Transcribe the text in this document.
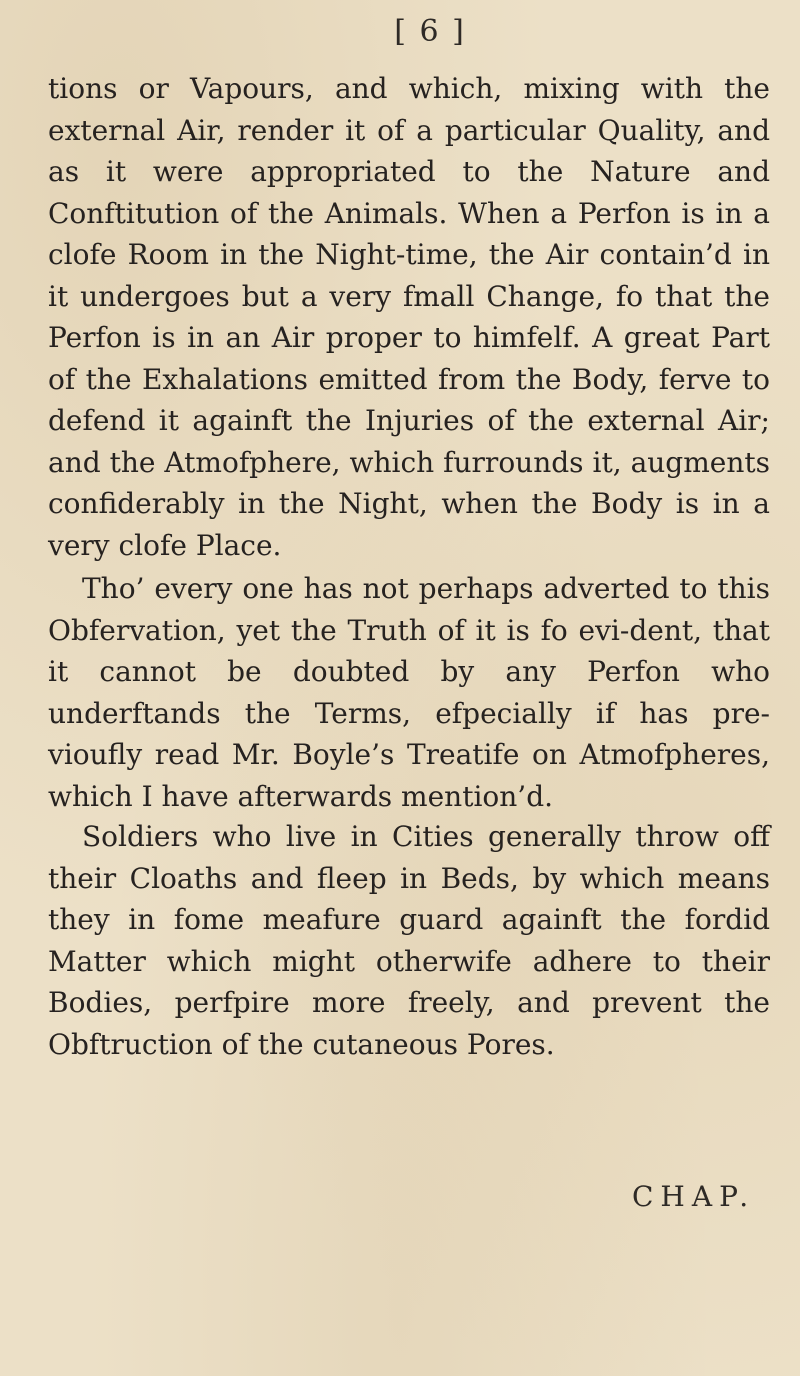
[ 6 ]

tions or Vapours, and which, mixing with the external Air, render it of a particular Quality, and as it were appropriated to the Nature and Conftitution of the Animals. When a Perfon is in a clofe Room in the Night-time, the Air contain’d in it undergoes but a very fmall Change, fo that the Perfon is in an Air proper to himfelf. A great Part of the Exhalations emitted from the Body, ferve to defend it againft the Injuries of the external Air; and the Atmofphere, which furrounds it, augments confiderably in the Night, when the Body is in a very clofe Place.

Tho’ every one has not perhaps adverted to this Obfervation, yet the Truth of it is fo evi-dent, that it cannot be doubted by any Perfon who underftands the Terms, efpecially if has pre-vioufly read Mr. Boyle’s Treatife on Atmofpheres, which I have afterwards mention’d.

Soldiers who live in Cities generally throw off their Cloaths and fleep in Beds, by which means they in fome meafure guard againft the fordid Matter which might otherwife adhere to their Bodies, perfpire more freely, and prevent the Obftruction of the cutaneous Pores.

CHAP.
